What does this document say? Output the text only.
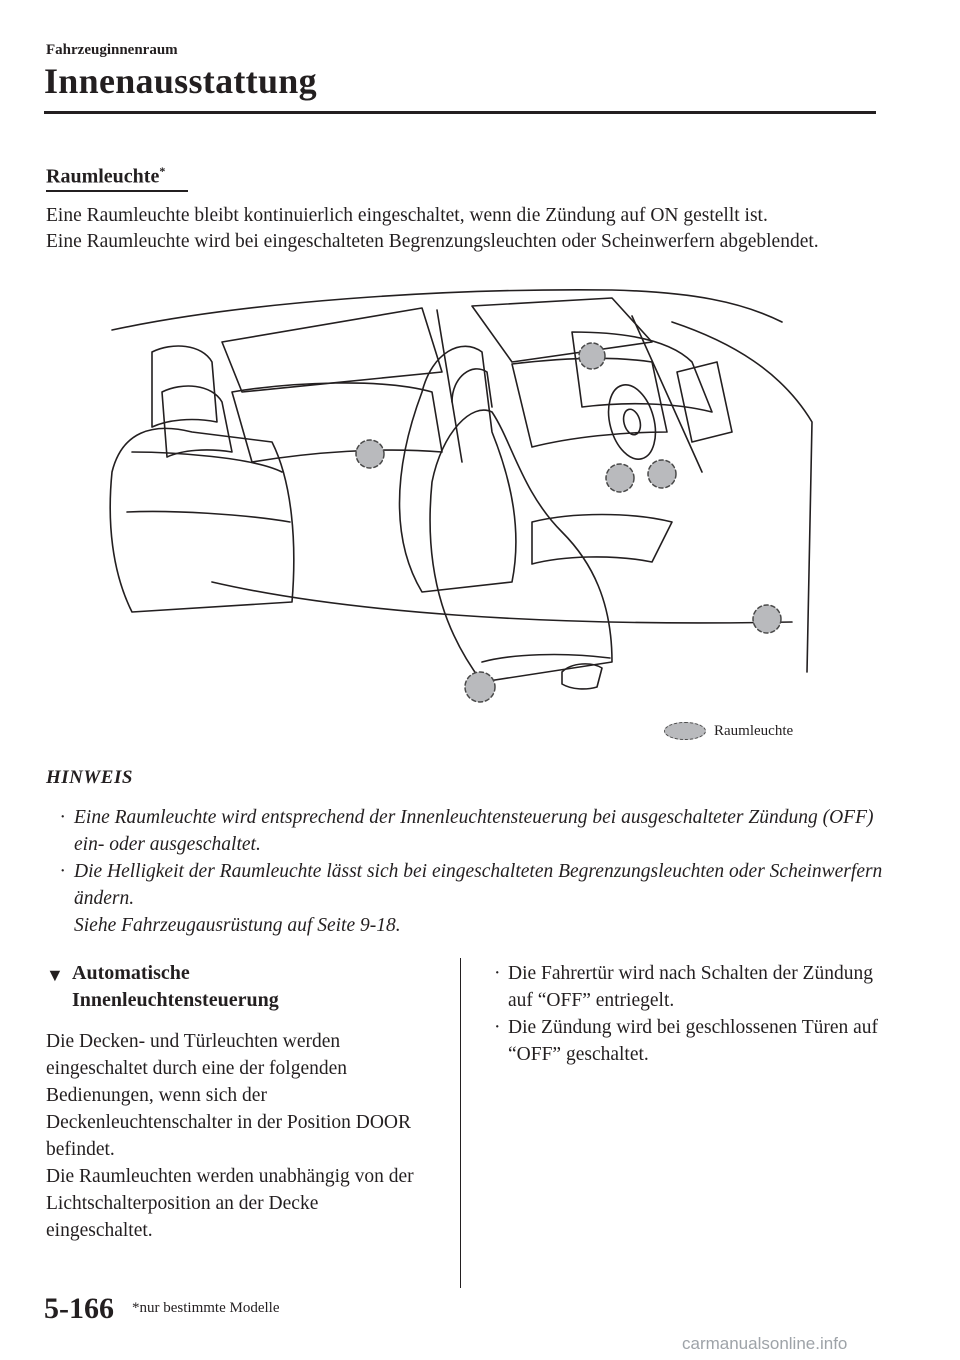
Fahrzeuginnenraum
Innenausstattung
Raumleuchte*

Eine Raumleuchte bleibt kontinuierlich eingeschaltet, wenn die Zündung auf ON gestellt ist.

Eine Raumleuchte wird bei eingeschalteten Begrenzungsleuchten oder Scheinwerfern abgeblendet.

Raumleuchte
HINWEIS
· Eine Raumleuchte wird entsprechend der Innenleuchtensteuerung bei ausgeschalteter Zündung (OFF) ein- oder ausgeschaltet.
· Die Helligkeit der Raumleuchte lässt sich bei eingeschalteten Begrenzungsleuchten oder Scheinwerfern ändern.
Siehe Fahrzeugausrüstung auf Seite 9-18.
▼ Automatische
Innenleuchtensteuerung

Die Decken- und Türleuchten werden eingeschaltet durch eine der folgenden Bedienungen, wenn sich der Deckenleuchtenschalter in der Position DOOR befindet.
Die Raumleuchten werden unabhängig von der Lichtschalterposition an der Decke eingeschaltet.

· Die Fahrertür wird nach Schalten der Zündung auf “OFF” entriegelt.
· Die Zündung wird bei geschlossenen Türen auf “OFF” geschaltet.
5-166 *nur bestimmte Modelle
carmanualsonline.info
